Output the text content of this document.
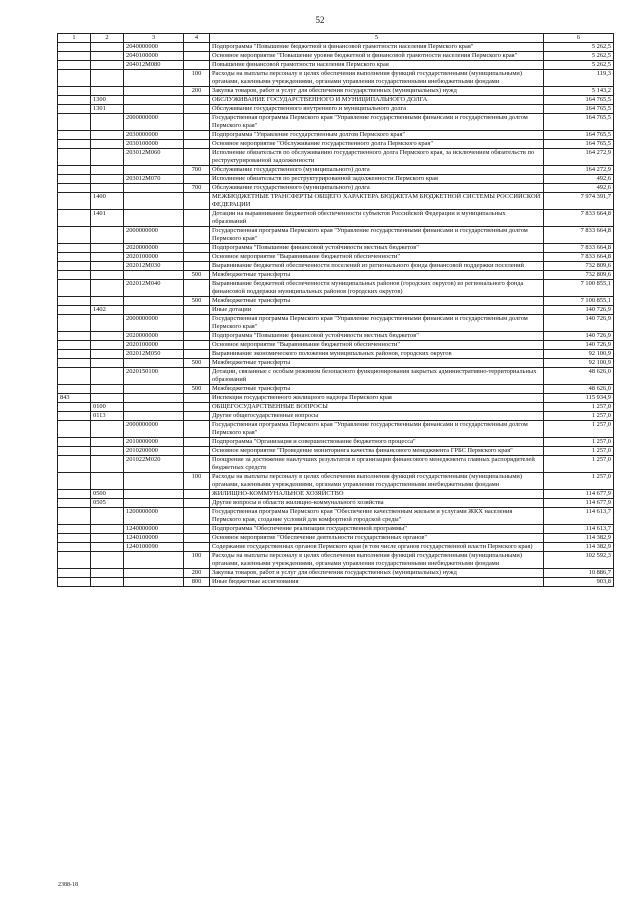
52
1	2	3	4	5	6
		2040000000		Подпрограмма "Повышение бюджетной и финансовой грамотности населения Пермского края"	5 262,5
		2040100000		Основное мероприятие "Повышение уровня бюджетной и финансовой грамотности населения Пермского края"	5 262,5
		204012М080		Повышение финансовой грамотности населения Пермского края	5 262,5
			100	Расходы на выплаты персоналу в целях обеспечения выполнения функций государственными (муниципальными) органами, казенными учреждениями, органами управления государственными внебюджетными фондами	119,3
			200	Закупка товаров, работ и услуг для обеспечения государственных (муниципальных) нужд	5 143,2
	1300			ОБСЛУЖИВАНИЕ ГОСУДАРСТВЕННОГО И МУНИЦИПАЛЬНОГО ДОЛГА	164 765,5
	1301			Обслуживание государственного внутреннего и муниципального долга	164 765,5
		2000000000		Государственная программа Пермского края "Управление государственными финансами и государственным долгом Пермского края"	164 765,5
		2030000000		Подпрограмма "Управление государственным долгом Пермского края"	164 765,5
		2030100000		Основное мероприятие "Обслуживание государственного долга Пермского края"	164 765,5
		203012М060		Исполнение обязательств по обслуживанию государственного долга Пермского края, за исключением обязательств по реструктурированной задолженности	164 272,9
			700	Обслуживание государственного (муниципального) долга	164 272,9
		203012М070		Исполнение обязательств по реструктурированной задолженности Пермского края	492,6
			700	Обслуживание государственного (муниципального) долга	492,6
	1400			МЕЖБЮДЖЕТНЫЕ ТРАНСФЕРТЫ ОБЩЕГО ХАРАКТЕРА БЮДЖЕТАМ БЮДЖЕТНОЙ СИСТЕМЫ РОССИЙСКОЙ ФЕДЕРАЦИИ	7 974 391,7
	1401			Дотации на выравнивание бюджетной обеспеченности субъектов Российской Федерации и муниципальных образований	7 833 664,8
		2000000000		Государственная программа Пермского края "Управление государственными финансами и государственным долгом Пермского края"	7 833 664,8
		2020000000		Подпрограмма "Повышение финансовой устойчивости местных бюджетов"	7 833 664,8
		2020100000		Основное мероприятие "Выравнивание бюджетной обеспеченности"	7 833 664,8
		202012М030		Выравнивание бюджетной обеспеченности поселений из регионального фонда финансовой поддержки поселений	732 809,6
			500	Межбюджетные трансферты	732 809,6
		202012М040		Выравнивание бюджетной обеспеченности муниципальных районов (городских округов) из регионального фонда финансовой поддержки муниципальных районов (городских округов)	7 100 855,1
			500	Межбюджетные трансферты	7 100 855,1
	1402			Иные дотации	140 726,9
		2000000000		Государственная программа Пермского края "Управление государственными финансами и государственным долгом Пермского края"	140 726,9
		2020000000		Подпрограмма "Повышение финансовой устойчивости местных бюджетов"	140 726,9
		2020100000		Основное мероприятие "Выравнивание бюджетной обеспеченности"	140 726,9
		202012М050		Выравнивание экономического положения муниципальных районов, городских округов	92 100,9
			500	Межбюджетные трансферты	92 100,9
		2020150100		Дотации, связанные с особым режимом безопасного функционирования закрытых административно-территориальных образований	48 626,0
			500	Межбюджетные трансферты	48 626,0
843				Инспекция государственного жилищного надзора Пермского края	115 934,9
	0100			ОБЩЕГОСУДАРСТВЕННЫЕ ВОПРОСЫ	1 257,0
	0113			Другие общегосударственные вопросы	1 257,0
		2000000000		Государственная программа Пермского края "Управление государственными финансами и государственным долгом Пермского края"	1 257,0
		2010000000		Подпрограмма "Организация и совершенствование бюджетного процесса"	1 257,0
		2010200000		Основное мероприятие "Проведение мониторинга качества финансового менеджмента ГРБС Пермского края"	1 257,0
		201022М020		Поощрение за достижение наилучших результатов в организации финансового менеджмента главных распорядителей бюджетных средств	1 257,0
			100	Расходы на выплаты персоналу в целях обеспечения выполнения функций государственными (муниципальными) органами, казенными учреждениями, органами управления государственными внебюджетными фондами	1 257,0
	0500			ЖИЛИЩНО-КОММУНАЛЬНОЕ ХОЗЯЙСТВО	114 677,9
	0505			Другие вопросы в области жилищно-коммунального хозяйства	114 677,9
		1200000000		Государственная программа Пермского края "Обеспечение качественным жильем и услугами ЖКХ населения Пермского края, создание условий для комфортной городской среды"	114 613,7
		1240000000		Подпрограмма "Обеспечение реализации государственной программы"	114 613,7
		1240100000		Основное мероприятие "Обеспечение деятельности государственных органов"	114 382,9
		1240100090		Содержание государственных органов Пермского края (в том числе органов государственной власти Пермского края)	114 382,9
			100	Расходы на выплаты персоналу в целях обеспечения выполнения функций государственными (муниципальными) органами, казенными учреждениями, органами управления государственными внебюджетными фондами	102 592,3
			200	Закупка товаров, работ и услуг для обеспечения государственных (муниципальных) нужд	10 886,7
			800	Иные бюджетные ассигнования	903,8
2388-18
